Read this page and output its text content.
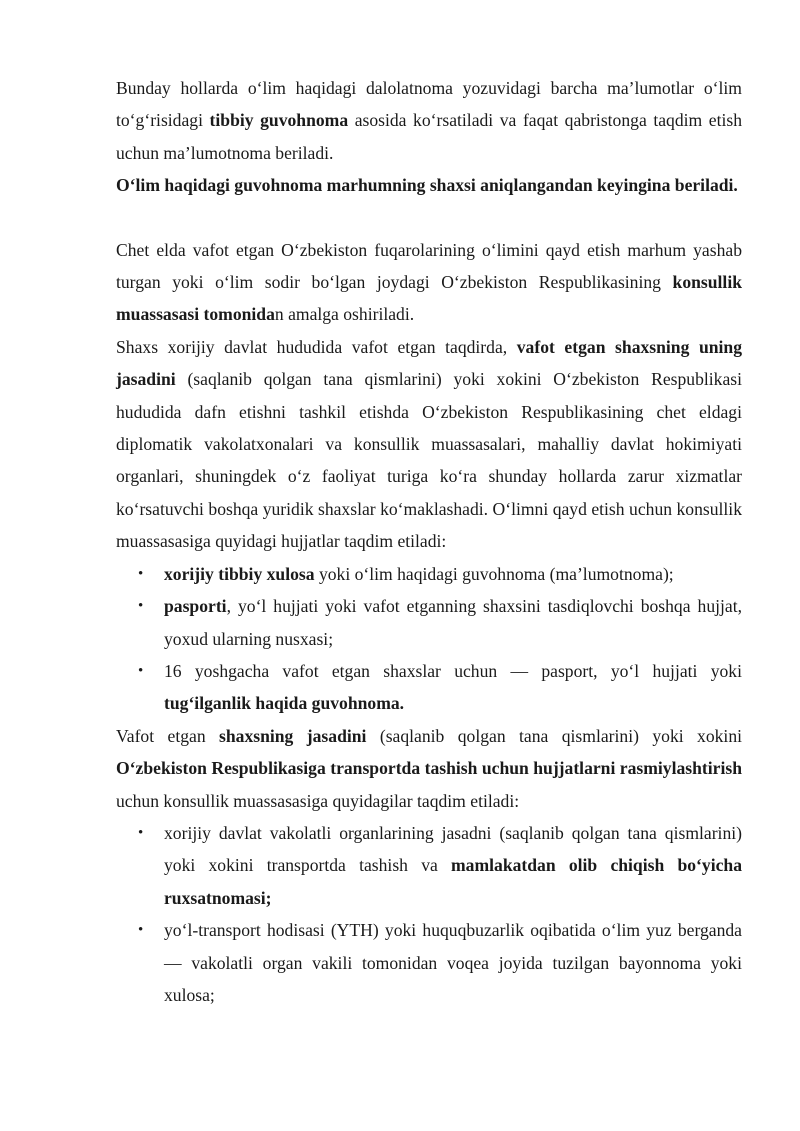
Bunday hollarda o‘lim haqidagi dalolatnoma yozuvidagi barcha ma’lumotlar o‘lim to‘g‘risidagi tibbiy guvohnoma asosida ko‘rsatiladi va faqat qabristonga taqdim etish uchun ma’lumotnoma beriladi.

O‘lim haqidagi guvohnoma marhumning shaxsi aniqlangandan keyingina beriladi.

Chet elda vafot etgan O‘zbekiston fuqarolarining o‘limini qayd etish marhum yashab turgan yoki o‘lim sodir bo‘lgan joydagi O‘zbekiston Respublikasining konsullik muassasasi tomonidan amalga oshiriladi.

Shaxs xorijiy davlat hududida vafot etgan taqdirda, vafot etgan shaxsning uning jasadini (saqlanib qolgan tana qismlarini) yoki xokini O‘zbekiston Respublikasi hududida dafn etishni tashkil etishda O‘zbekiston Respublikasining chet eldagi diplomatik vakolatxonalari va konsullik muassasalari, mahalliy davlat hokimiyati organlari, shuningdek o‘z faoliyat turiga ko‘ra shunday hollarda zarur xizmatlar ko‘rsatuvchi boshqa yuridik shaxslar ko‘maklashadi. O‘limni qayd etish uchun konsullik muassasasiga quyidagi hujjatlar taqdim etiladi:

• xorijiy tibbiy xulosa yoki o‘lim haqidagi guvohnoma (ma’lumotnoma);
• pasporti, yo‘l hujjati yoki vafot etganning shaxsini tasdiqlovchi boshqa hujjat, yoxud ularning nusxasi;
• 16 yoshgacha vafot etgan shaxslar uchun — pasport, yo‘l hujjati yoki tug‘ilganlik haqida guvohnoma.

Vafot etgan shaxsning jasadini (saqlanib qolgan tana qismlarini) yoki xokini O‘zbekiston Respublikasiga transportda tashish uchun hujjatlarni rasmiylashtirish uchun konsullik muassasasiga quyidagilar taqdim etiladi:

• xorijiy davlat vakolatli organlarining jasadni (saqlanib qolgan tana qismlarini) yoki xokini transportda tashish va mamlakatdan olib chiqish bo‘yicha ruxsatnomasi;
• yo‘l-transport hodisasi (YTH) yoki huquqbuzarlik oqibatida o‘lim yuz berganda — vakolatli organ vakili tomonidan voqea joyida tuzilgan bayonnoma yoki xulosa;
